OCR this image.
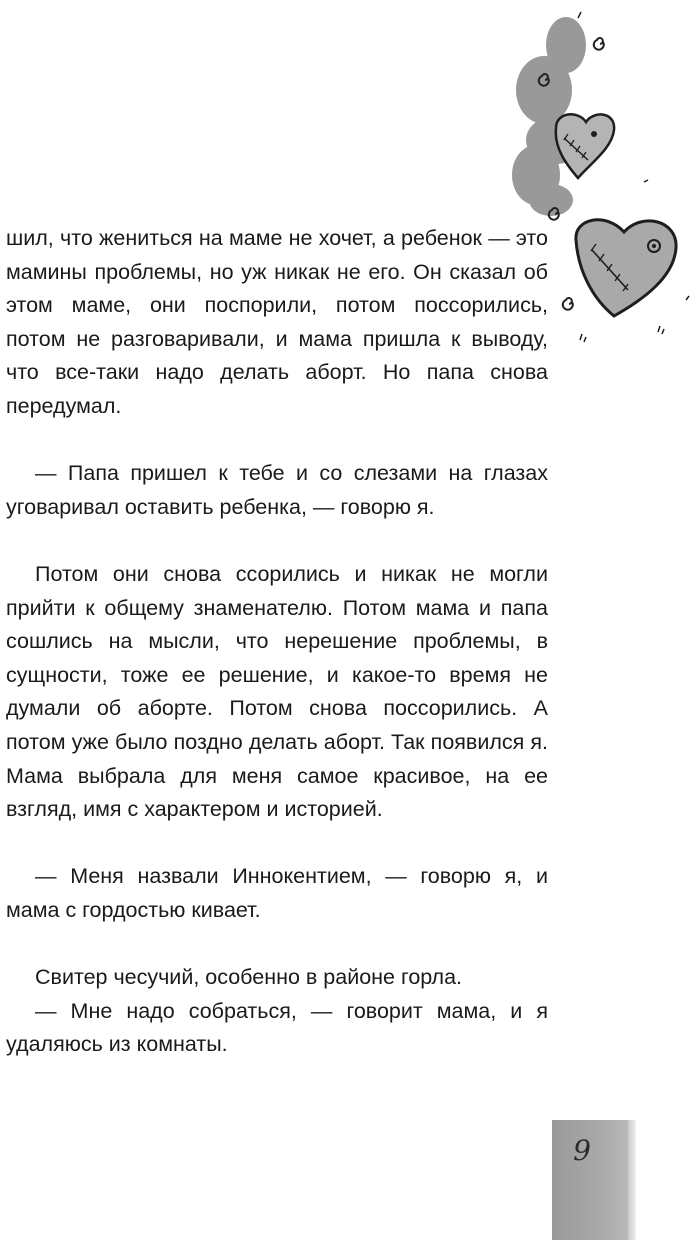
шил, что жениться на маме не хочет, а ребенок — это мамины проблемы, но уж никак не его. Он сказал об этом маме, они поспорили, потом поссорились, потом не разговаривали, и мама пришла к выводу, что все-таки надо делать аборт. Но папа снова передумал.

— Папа пришел к тебе и со слезами на глазах уговаривал оставить ребенка, — говорю я.

Потом они снова ссорились и никак не могли прийти к общему знаменателю. Потом мама и папа сошлись на мысли, что нерешение проблемы, в сущности, тоже ее решение, и какое-то время не думали об аборте. Потом снова поссорились. А потом уже было поздно делать аборт. Так появился я. Мама выбрала для меня самое красивое, на ее взгляд, имя с характером и историей.

— Меня назвали Иннокентием, — говорю я, и мама с гордостью кивает.

Свитер чесучий, особенно в районе горла.

— Мне надо собраться, — говорит мама, и я удаляюсь из комнаты.

9
